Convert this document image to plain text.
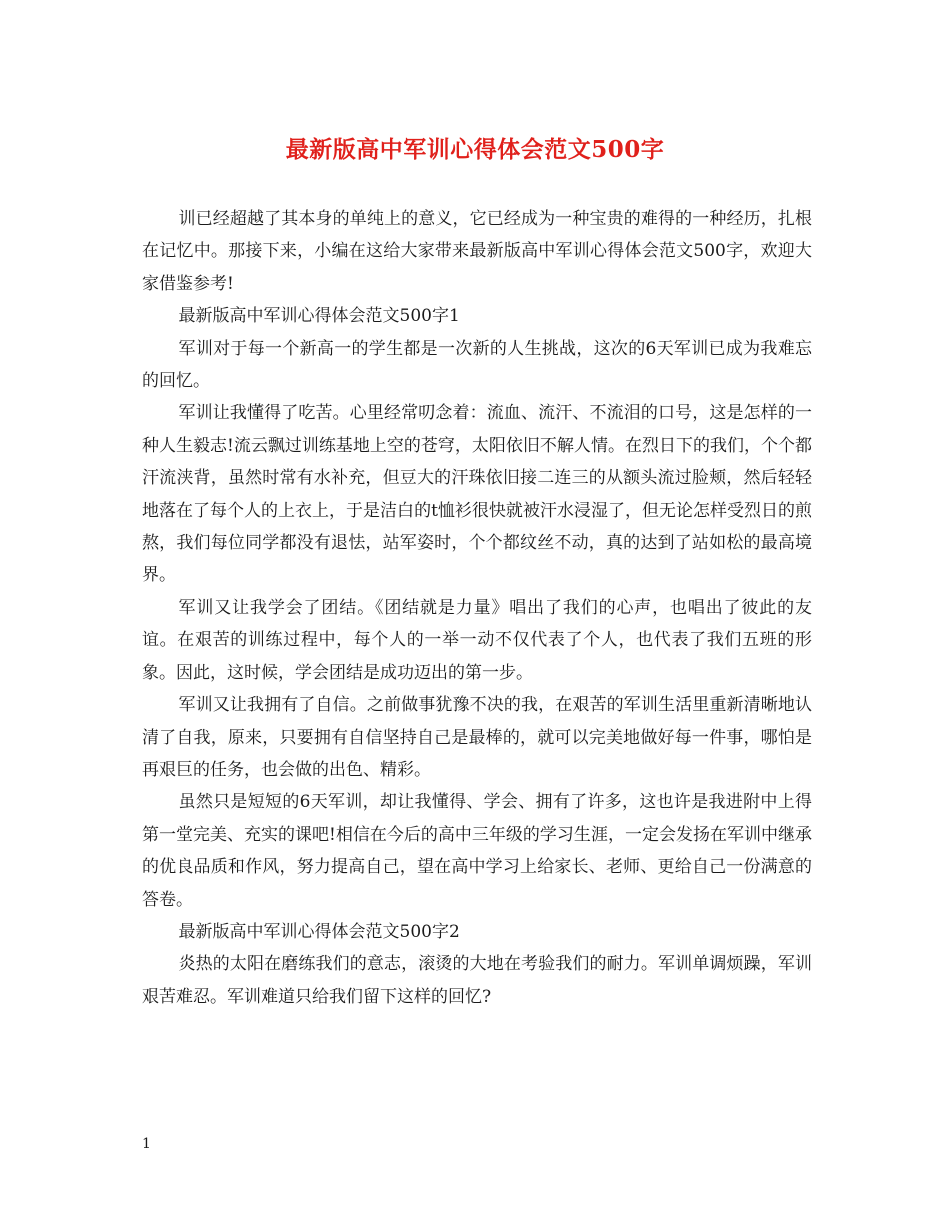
最新版高中军训心得体会范文500字

训已经超越了其本身的单纯上的意义，它已经成为一种宝贵的难得的一种经历，扎根在记忆中。那接下来，小编在这给大家带来最新版高中军训心得体会范文500字，欢迎大家借鉴参考!

最新版高中军训心得体会范文500字1

军训对于每一个新高一的学生都是一次新的人生挑战，这次的6天军训已成为我难忘的回忆。

军训让我懂得了吃苦。心里经常叨念着：流血、流汗、不流泪的口号，这是怎样的一种人生毅志!流云飘过训练基地上空的苍穹，太阳依旧不解人情。在烈日下的我们，个个都汗流浃背，虽然时常有水补充，但豆大的汗珠依旧接二连三的从额头流过脸颊，然后轻轻地落在了每个人的上衣上，于是洁白的t恤衫很快就被汗水浸湿了，但无论怎样受烈日的煎熬，我们每位同学都没有退怯，站军姿时，个个都纹丝不动，真的达到了站如松的最高境界。

军训又让我学会了团结。《团结就是力量》唱出了我们的心声，也唱出了彼此的友谊。在艰苦的训练过程中，每个人的一举一动不仅代表了个人，也代表了我们五班的形象。因此，这时候，学会团结是成功迈出的第一步。

军训又让我拥有了自信。之前做事犹豫不决的我，在艰苦的军训生活里重新清晰地认清了自我，原来，只要拥有自信坚持自己是最棒的，就可以完美地做好每一件事，哪怕是再艰巨的任务，也会做的出色、精彩。

虽然只是短短的6天军训，却让我懂得、学会、拥有了许多，这也许是我进附中上得第一堂完美、充实的课吧!相信在今后的高中三年级的学习生涯，一定会发扬在军训中继承的优良品质和作风，努力提高自己，望在高中学习上给家长、老师、更给自己一份满意的答卷。

最新版高中军训心得体会范文500字2

炎热的太阳在磨练我们的意志，滚烫的大地在考验我们的耐力。军训单调烦躁，军训艰苦难忍。军训难道只给我们留下这样的回忆?

1
